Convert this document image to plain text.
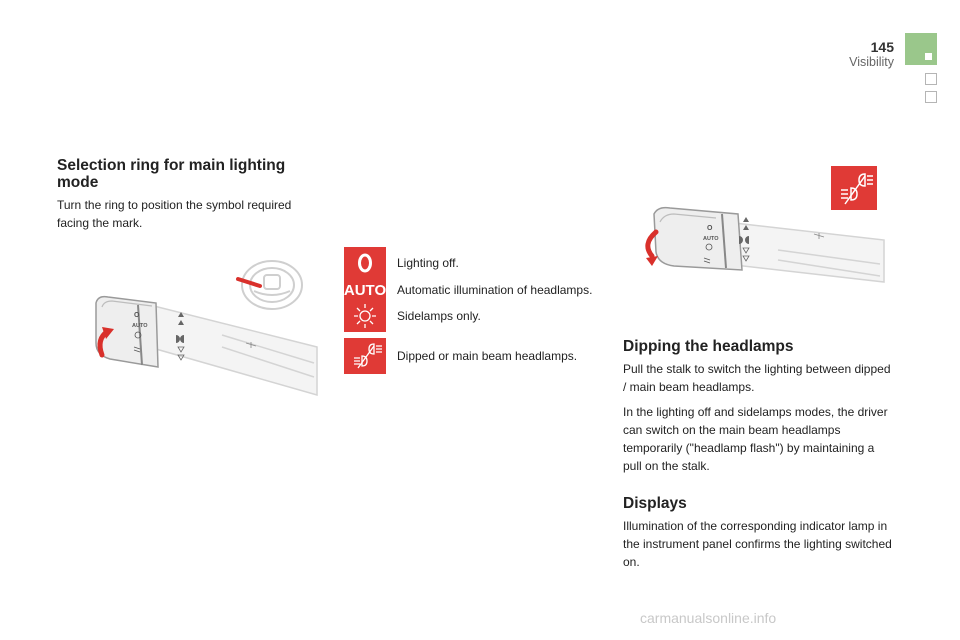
145
Visibility
Selection ring for main lighting mode

Turn the ring to position the symbol required facing the mark.

O
AUTO
Lighting off.
AUTO Automatic illumination of headlamps.
Sidelamps only.
Dipped or main beam headlamps.
O
AUTO
Dipping the headlamps

Pull the stalk to switch the lighting between dipped / main beam headlamps.

In the lighting off and sidelamps modes, the driver can switch on the main beam headlamps temporarily ("headlamp flash") by maintaining a pull on the stalk.

Displays

Illumination of the corresponding indicator lamp in the instrument panel confirms the lighting switched on.

carmanualsonline.info
